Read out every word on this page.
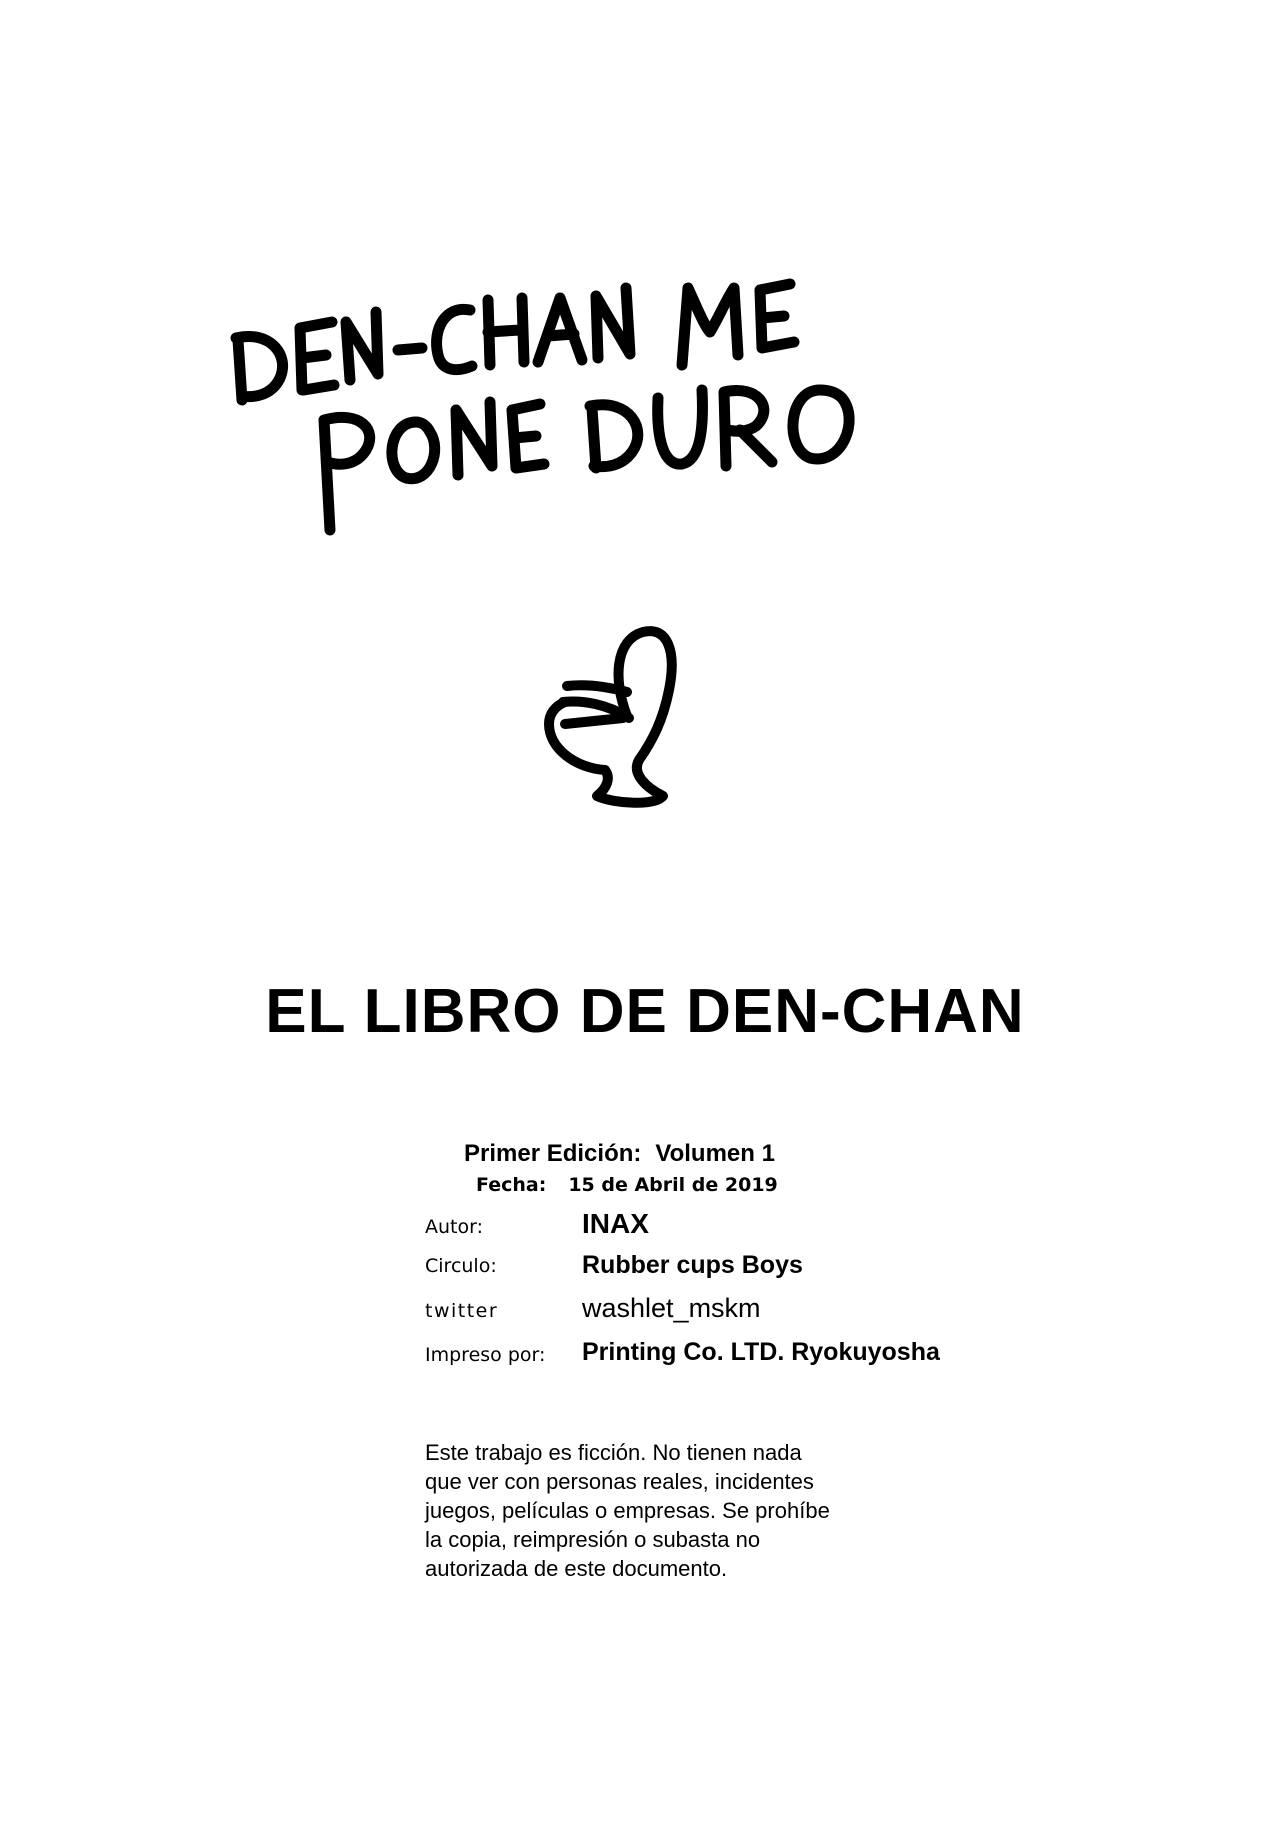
EL LIBRO DE DEN-CHAN
Primer Edición: Volumen 1
Fecha: 15 de Abril de 2019
Autor:	INAX
Circulo:	Rubber cups Boys
twitter	washlet_mskm
Impreso por: Printing Co. LTD. Ryokuyosha
Este trabajo es ficción. No tienen nada
que ver con personas reales, incidentes
juegos, películas o empresas. Se prohíbe
la copia, reimpresión o subasta no
autorizada de este documento.
